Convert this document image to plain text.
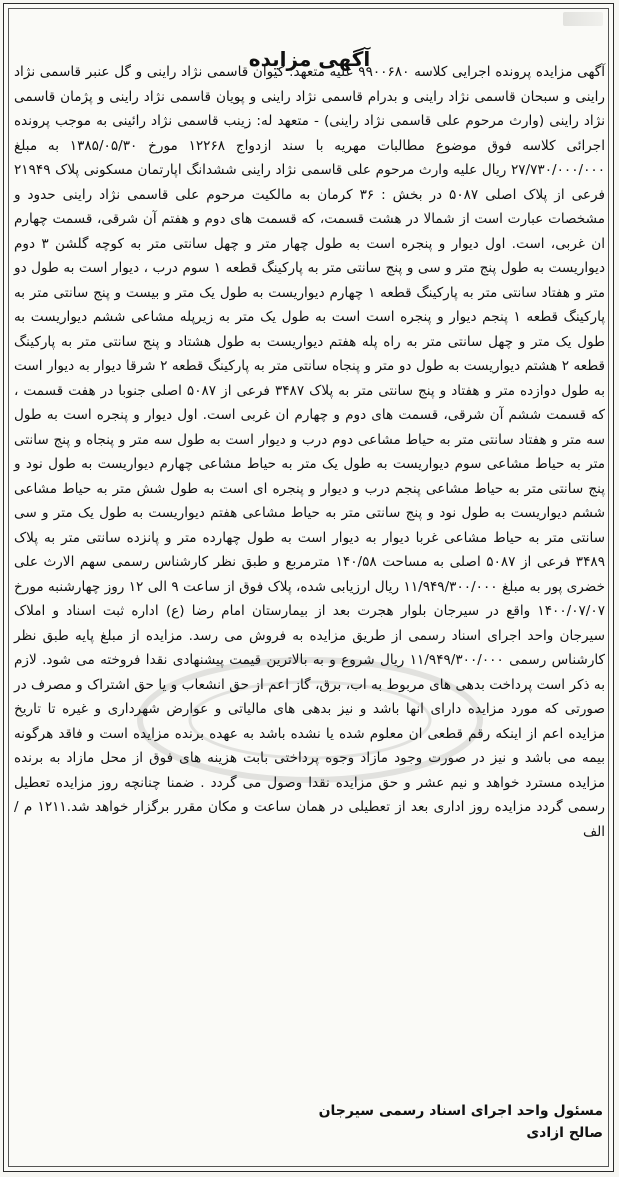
آگهی مزایده

آگهی مزایده پرونده اجرایی کلاسه ۹۹۰۰۶۸۰ علیه متعهد: کیوان قاسمی نژاد راینی و گل عنبر قاسمی نژاد راینی و سبحان قاسمی نژاد راینی و بدرام قاسمی نژاد راینی و پویان قاسمی نژاد راینی و پژمان قاسمی نژاد راینی (وارث مرحوم علی قاسمی نژاد راینی) - متعهد له: زینب قاسمی نژاد رائینی به موجب پرونده اجرائی کلاسه فوق موضوع مطالبات مهریه با سند ازدواج ۱۲۲۶۸ مورخ ۱۳۸۵/۰۵/۳۰ به مبلغ ۲۷/۷۳۰/۰۰۰/۰۰۰ ریال علیه وارث مرحوم علی قاسمی نژاد راینی ششدانگ اپارتمان مسکونی پلاک ۲۱۹۴۹ فرعی از پلاک اصلی ۵۰۸۷ در بخش : ۳۶ کرمان به مالکیت مرحوم علی قاسمی نژاد راینی حدود و مشخصات عبارت است از شمالا در هشت قسمت، که قسمت های دوم و هفتم آن شرقی، قسمت چهارم ان غربی، است. اول دیوار و پنجره است به طول چهار متر و چهل سانتی متر به کوچه گلشن ۳ دوم دیواریست به طول پنج متر و سی و پنج سانتی متر به پارکینگ قطعه ۱ سوم درب ، دیوار است به طول دو متر و هفتاد سانتی متر به پارکینگ قطعه ۱ چهارم دیواریست به طول یک متر و بیست و پنج سانتی متر به پارکینگ قطعه ۱ پنجم دیوار و پنجره است است به طول یک متر به زیرپله مشاعی ششم دیواریست به طول یک متر و چهل سانتی متر به راه پله هفتم دیواریست به طول هشتاد و پنج سانتی متر به پارکینگ قطعه ۲ هشتم دیواریست به طول دو متر و پنجاه سانتی متر به پارکینگ قطعه ۲ شرقا دیوار به دیوار است به طول دوازده متر و هفتاد و پنج سانتی متر به پلاک ۳۴۸۷ فرعی از ۵۰۸۷ اصلی جنوبا در هفت قسمت ، که قسمت ششم آن شرقی، قسمت های دوم و چهارم ان غربی است. اول دیوار و پنجره است به طول سه متر و هفتاد سانتی متر به حیاط مشاعی دوم درب و دیوار است به طول سه متر و پنجاه و پنج سانتی متر به حیاط مشاعی سوم دیواریست به طول یک متر به حیاط مشاعی چهارم دیواریست به طول نود و پنج سانتی متر به حیاط مشاعی پنجم درب و دیوار و پنجره ای است به طول شش متر به حیاط مشاعی ششم دیواریست به طول نود و پنج سانتی متر به حیاط مشاعی هفتم دیواریست به طول یک متر و سی سانتی متر به حیاط مشاعی غربا دیوار به دیوار است به طول چهارده متر و پانزده سانتی متر به پلاک ۳۴۸۹ فرعی از ۵۰۸۷ اصلی به مساحت ۱۴۰/۵۸ مترمربع و طبق نظر کارشناس رسمی سهم الارث علی خضری پور به مبلغ ۱۱/۹۴۹/۳۰۰/۰۰۰ ریال ارزیابی شده، پلاک فوق از ساعت ۹ الی ۱۲ روز چهارشنبه مورخ ۱۴۰۰/۰۷/۰۷ واقع در سیرجان بلوار هجرت بعد از بیمارستان امام رضا (ع) اداره ثبت اسناد و املاک سیرجان واحد اجرای اسناد رسمی از طریق مزایده به فروش می رسد. مزایده از مبلغ پایه طبق نظر کارشناس رسمی ۱۱/۹۴۹/۳۰۰/۰۰۰ ریال شروع و به بالاترین قیمت پیشنهادی نقدا فروخته می شود. لازم به ذکر است پرداخت بدهی های مربوط به اب، برق، گاز اعم از حق انشعاب و یا حق اشتراک و مصرف در صورتی که مورد مزایده دارای انها باشد و نیز بدهی های مالیاتی و عوارض شهرداری و غیره تا تاریخ مزایده اعم از اینکه رقم قطعی ان معلوم شده یا نشده باشد به عهده برنده مزایده است و فاقد هرگونه بیمه می باشد و نیز در صورت وجود مازاد وجوه پرداختی بابت هزینه های فوق از محل مازاد به برنده مزایده مسترد خواهد و نیم عشر و حق مزایده نقدا وصول می گردد . ضمنا چنانچه روز مزایده تعطیل رسمی گردد مزایده روز اداری بعد از تعطیلی در همان ساعت و مکان مقرر برگزار خواهد شد.۱۲۱۱ م / الف

مسئول واحد اجرای اسناد رسمی سیرجان
صالح ازادی
